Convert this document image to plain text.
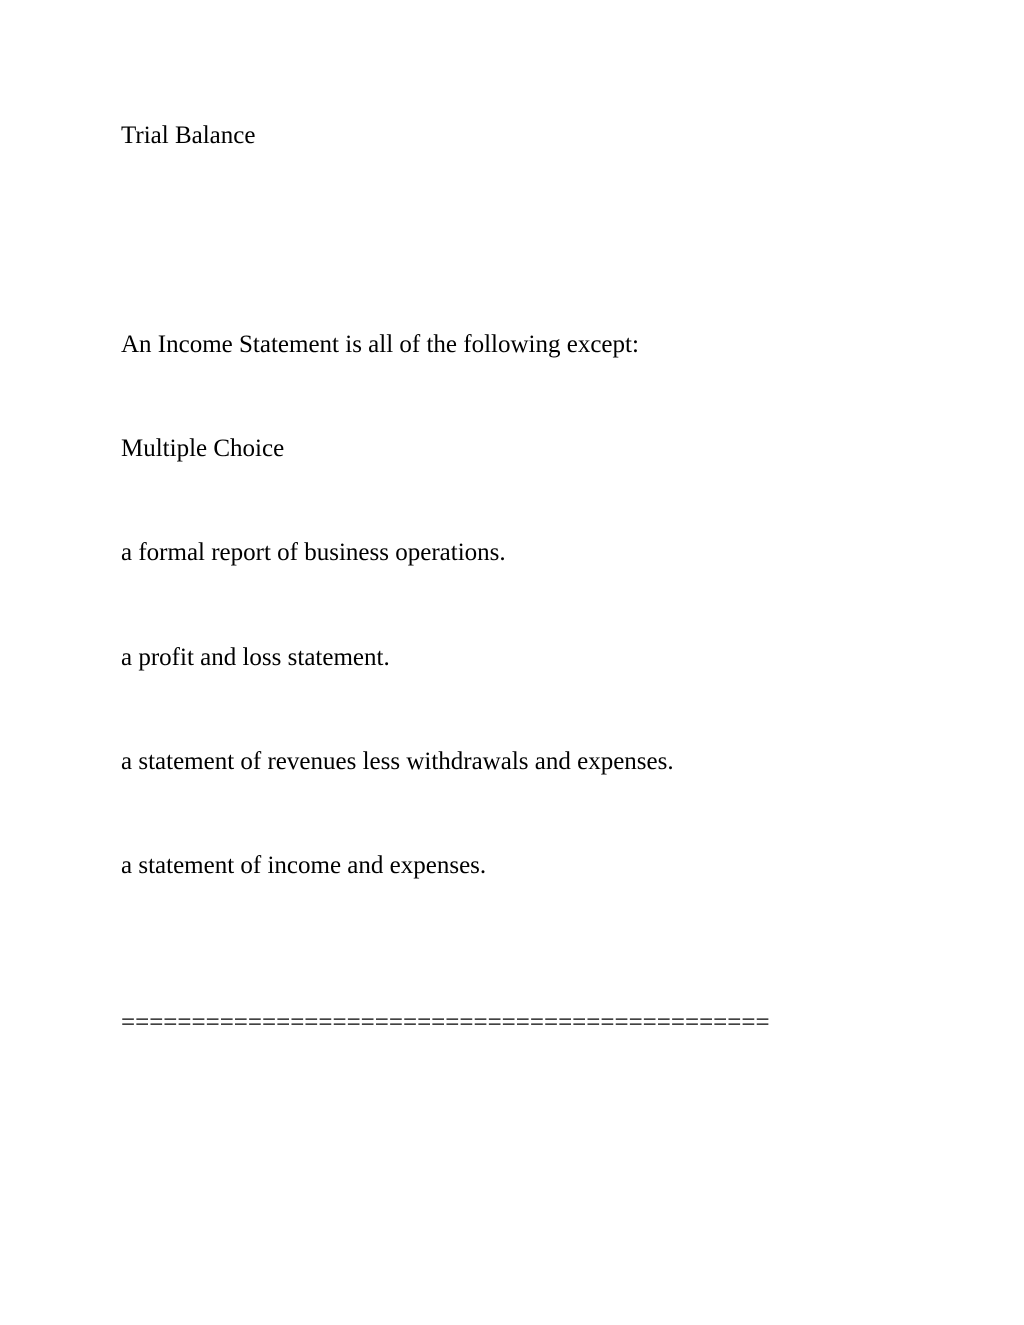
Trial Balance

An Income Statement is all of the following except:

Multiple Choice

a formal report of business operations.

a profit and loss statement.

a statement of revenues less withdrawals and expenses.

a statement of income and expenses.

==============================================
